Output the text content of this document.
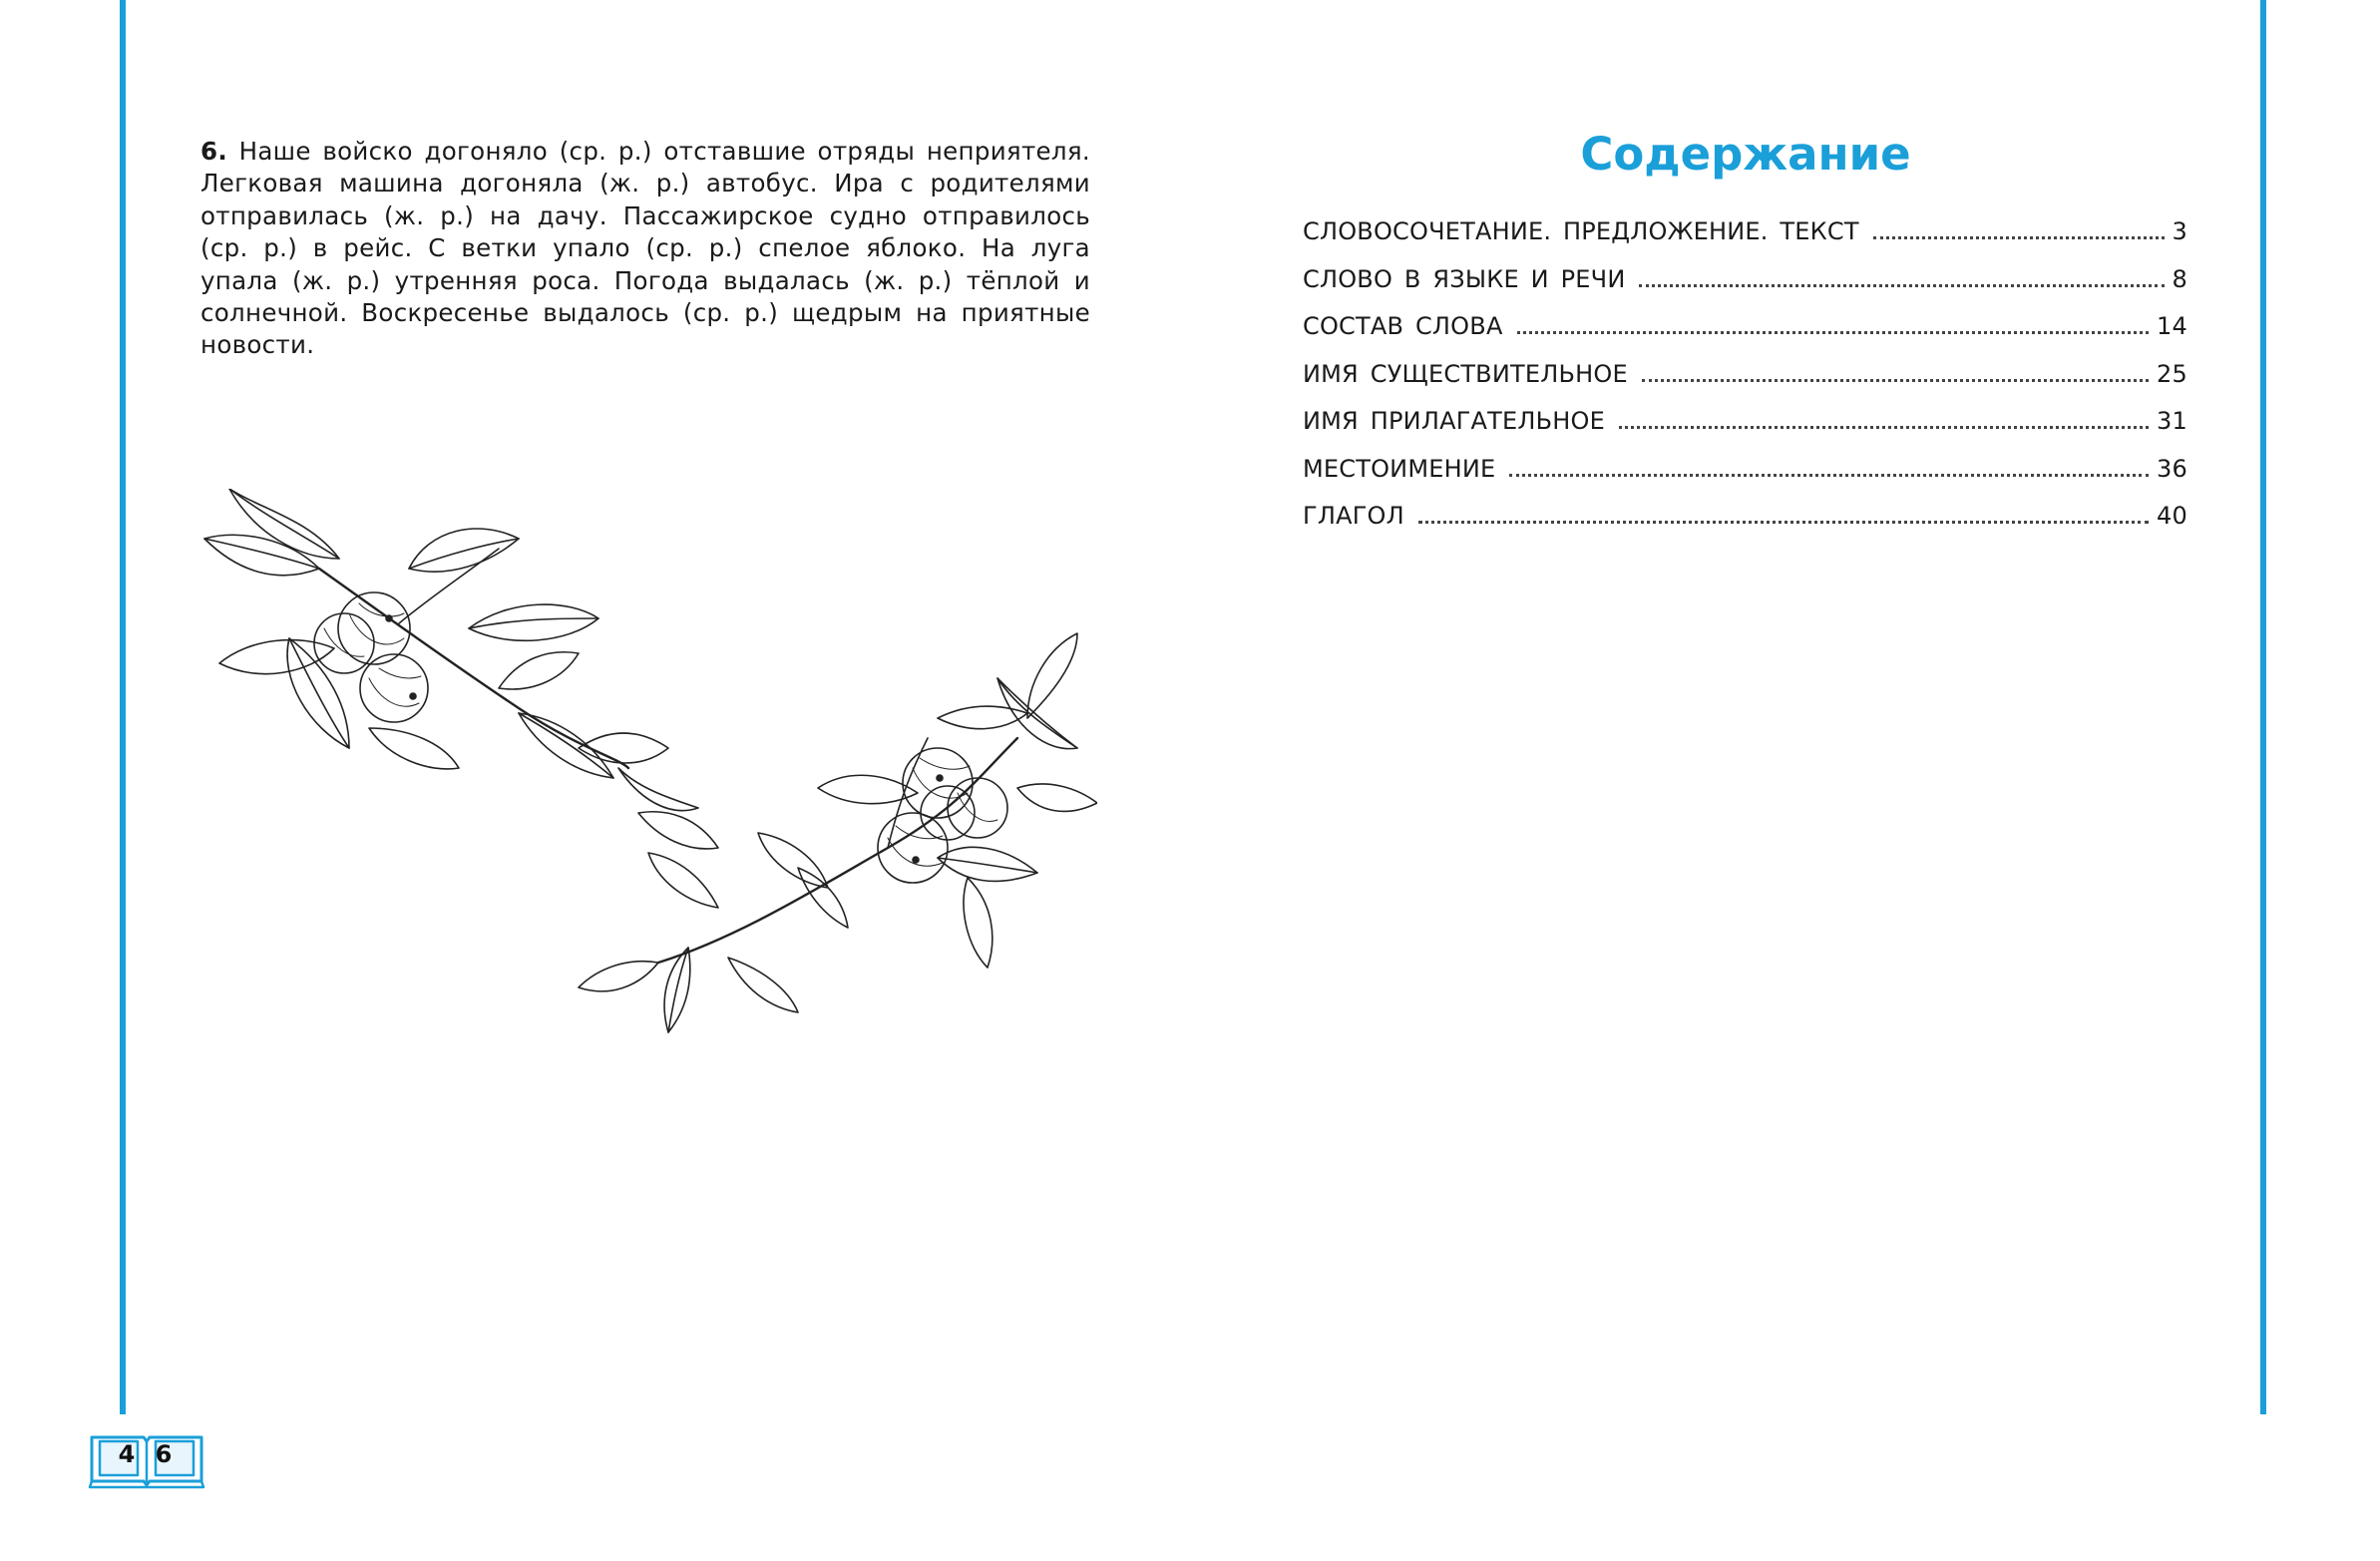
6. Наше войско догоняло (ср. р.) отставшие отряды неприятеля. Легковая машина догоняла (ж. р.) автобус. Ира с родителями отправилась (ж. р.) на дачу. Пассажирское судно отправилось (ср. р.) в рейс. С ветки упало (ср. р.) спелое яблоко. На луга упала (ж. р.) утренняя роса. Погода выдалась (ж. р.) тёплой и солнечной. Воскресенье выдалось (ср. р.) щедрым на приятные новости.

Содержание
СЛОВОСОЧЕТАНИЕ. ПРЕДЛОЖЕНИЕ. ТЕКСТ	3
СЛОВО В ЯЗЫКЕ И РЕЧИ	8
СОСТАВ СЛОВА	14
ИМЯ СУЩЕСТВИТЕЛЬНОЕ	25
ИМЯ ПРИЛАГАТЕЛЬНОЕ	31
МЕСТОИМЕНИЕ	36
ГЛАГОЛ	40
4 6
